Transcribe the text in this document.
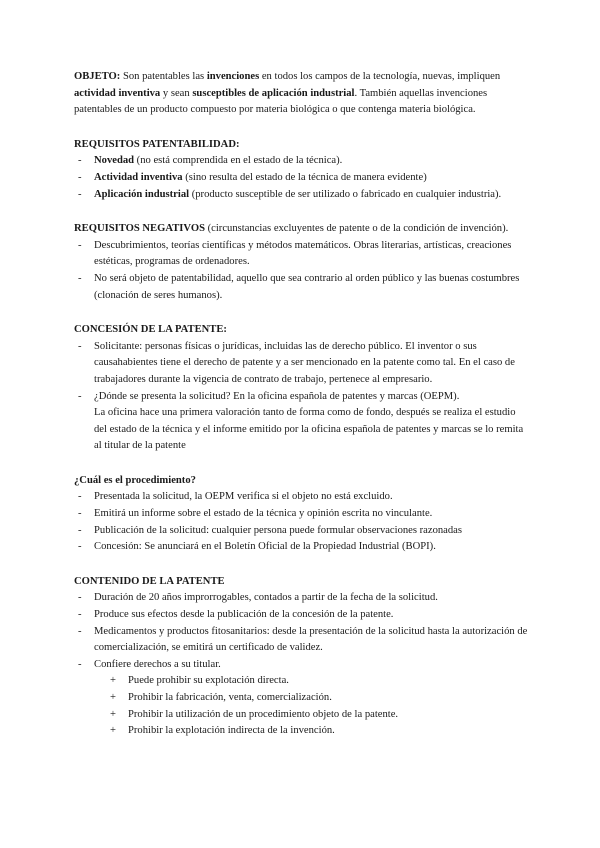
OBJETO: Son patentables las invenciones en todos los campos de la tecnología, nuevas, impliquen actividad inventiva y sean susceptibles de aplicación industrial. También aquellas invenciones patentables de un producto compuesto por materia biológica o que contenga materia biológica.

REQUISITOS PATENTABILIDAD:

- Novedad (no está comprendida en el estado de la técnica).
- Actividad inventiva (sino resulta del estado de la técnica de manera evidente)
- Aplicación industrial (producto susceptible de ser utilizado o fabricado en cualquier industria).

REQUISITOS NEGATIVOS (circunstancias excluyentes de patente o de la condición de invención).

- Descubrimientos, teorías científicas y métodos matemáticos. Obras literarias, artísticas, creaciones estéticas, programas de ordenadores.
- No será objeto de patentabilidad, aquello que sea contrario al orden público y las buenas costumbres (clonación de seres humanos).

CONCESIÓN DE LA PATENTE:

- Solicitante: personas físicas o jurídicas, incluidas las de derecho público. El inventor o sus causahabientes tiene el derecho de patente y a ser mencionado en la patente como tal. En el caso de trabajadores durante la vigencia de contrato de trabajo, pertenece al empresario.
- ¿Dónde se presenta la solicitud? En la oficina española de patentes y marcas (OEPM).
La oficina hace una primera valoración tanto de forma como de fondo, después se realiza el estudio del estado de la técnica y el informe emitido por la oficina española de patentes y marcas se lo remita al titular de la patente

¿Cuál es el procedimiento?

- Presentada la solicitud, la OEPM verifica si el objeto no está excluido.
- Emitirá un informe sobre el estado de la técnica y opinión escrita no vinculante.
- Publicación de la solicitud: cualquier persona puede formular observaciones razonadas
- Concesión: Se anunciará en el Boletín Oficial de la Propiedad Industrial (BOPI).

CONTENIDO DE LA PATENTE

- Duración de 20 años improrrogables, contados a partir de la fecha de la solicitud.
- Produce sus efectos desde la publicación de la concesión de la patente.
- Medicamentos y productos fitosanitarios: desde la presentación de la solicitud hasta la autorización de comercialización, se emitirá un certificado de validez.
- Confiere derechos a su titular.
+ Puede prohibir su explotación directa.
+ Prohibir la fabricación, venta, comercialización.
+ Prohibir la utilización de un procedimiento objeto de la patente.
+ Prohibir la explotación indirecta de la invención.
